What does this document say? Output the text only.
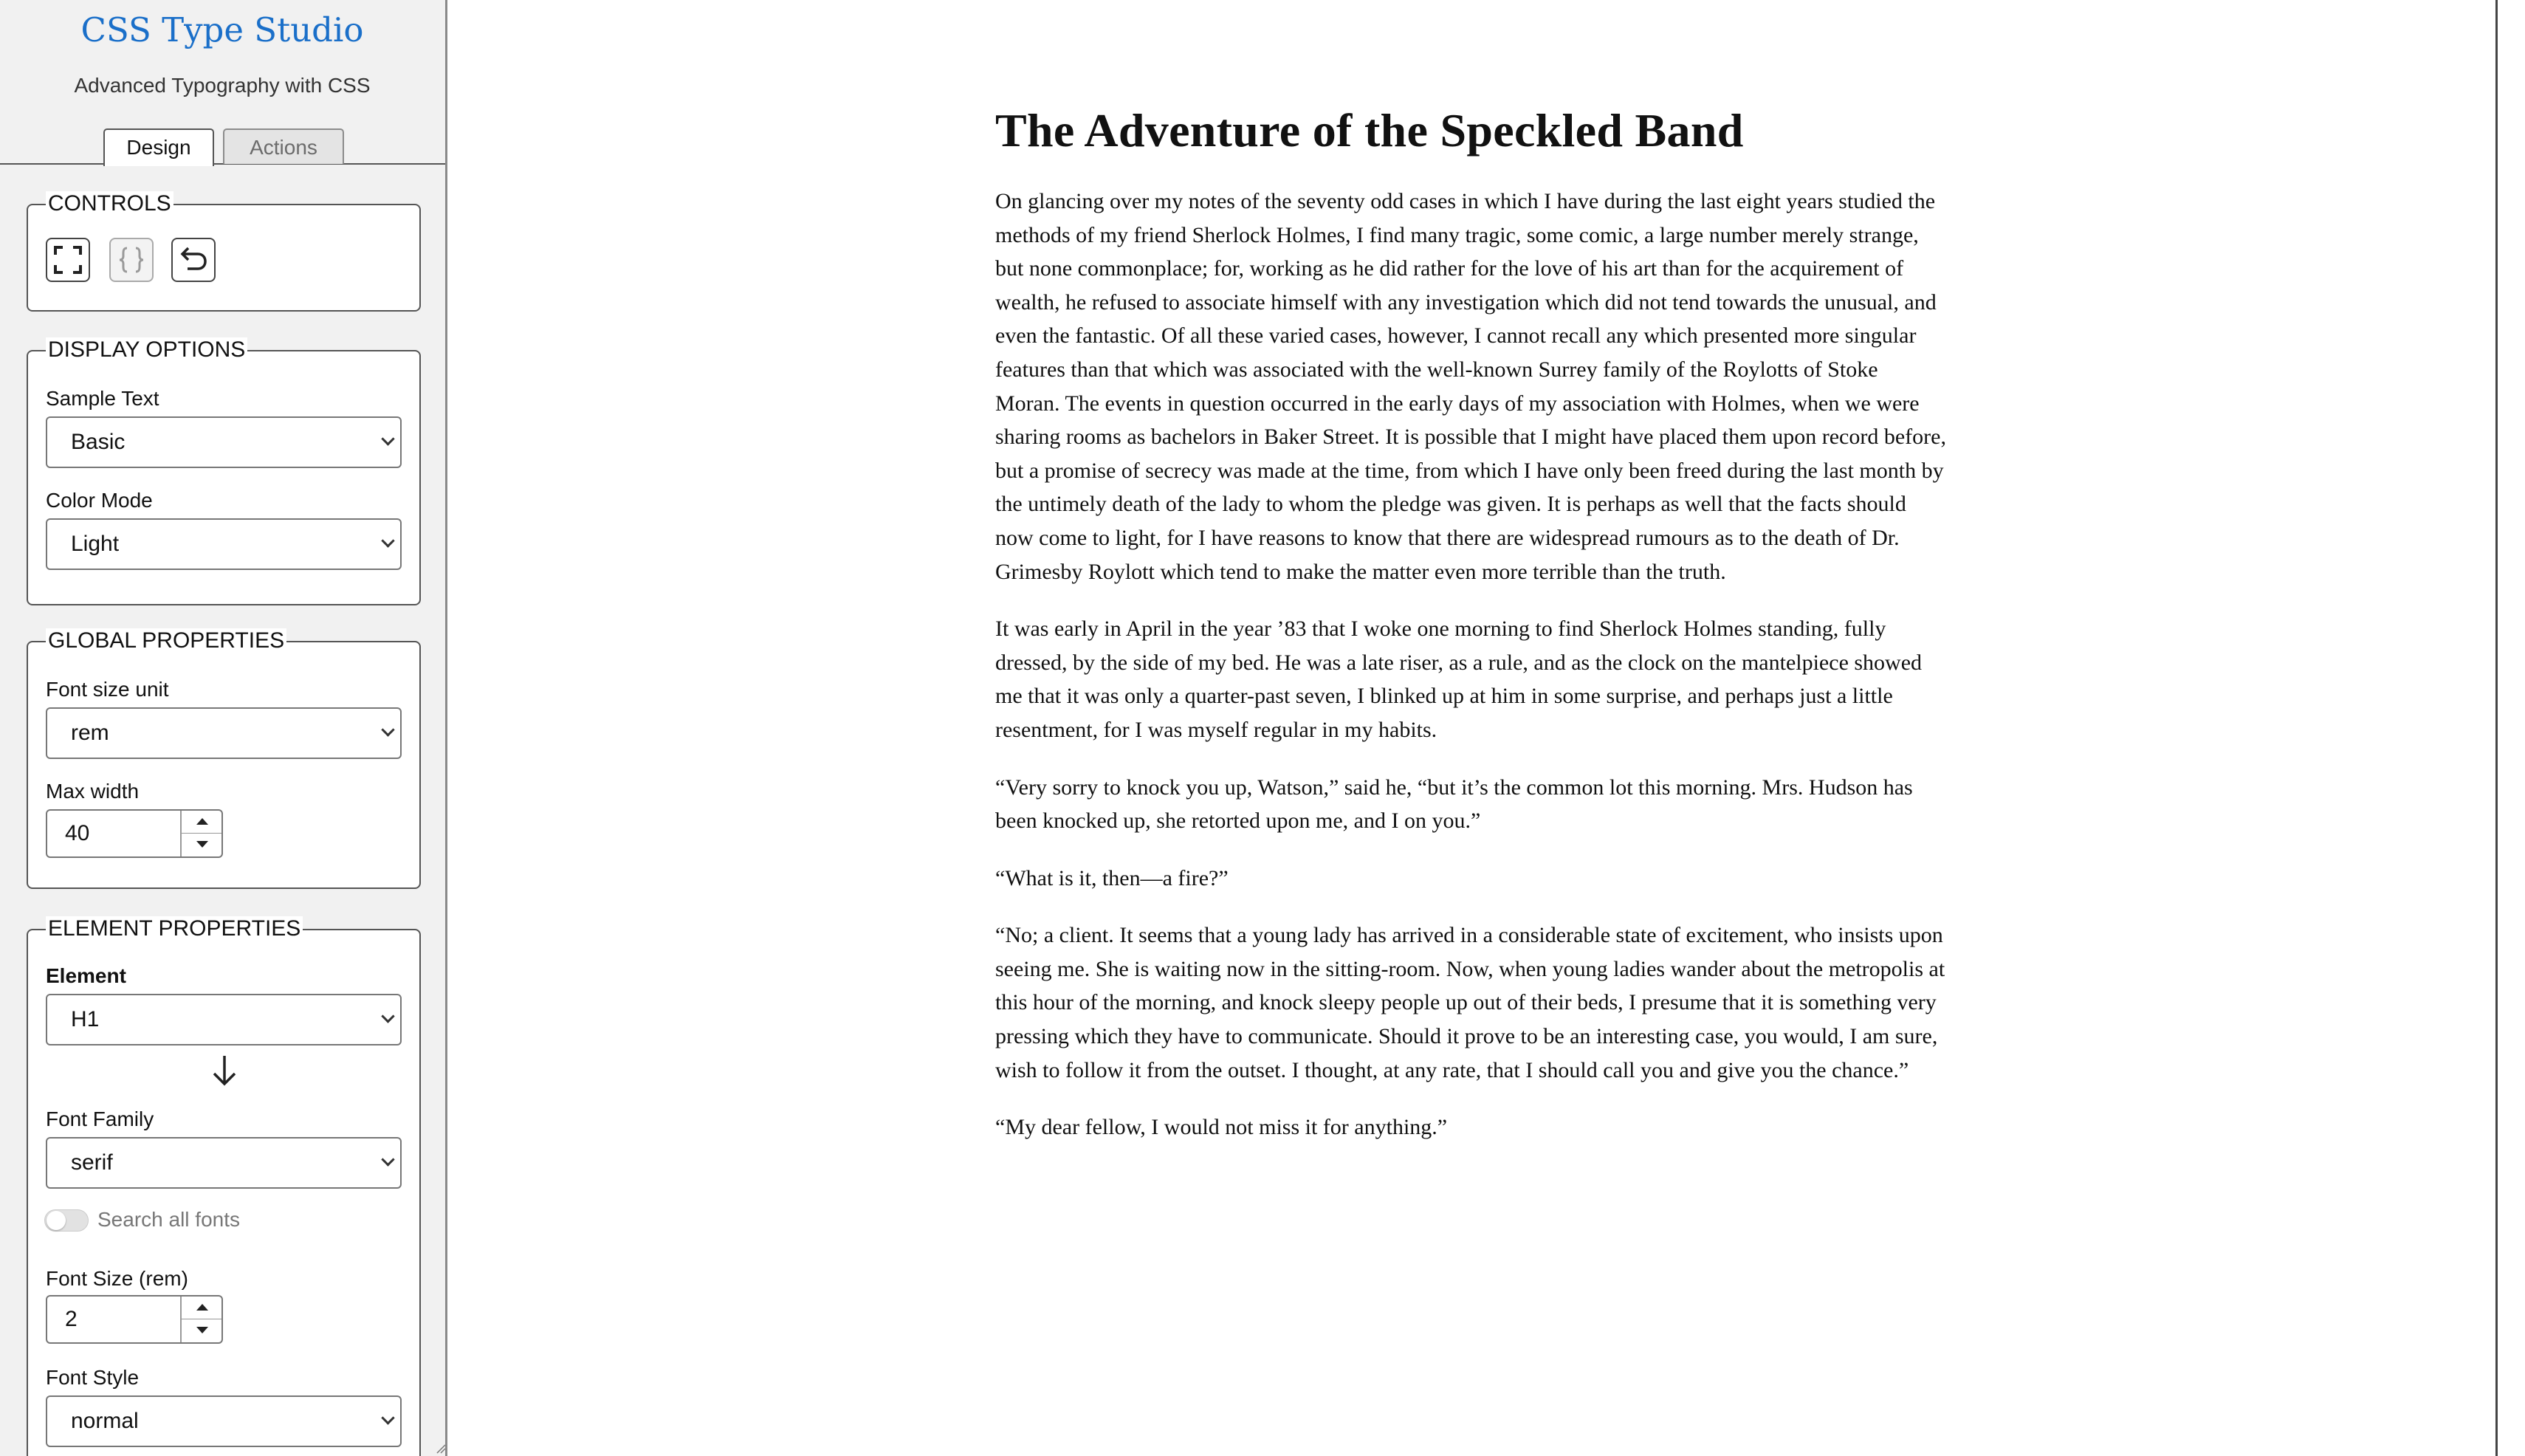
CSS Type Studio
Advanced Typography with CSS
Design	Actions
CONTROLS
DISPLAY OPTIONS
Sample Text
Basic
Color Mode
Light
GLOBAL PROPERTIES
Font size unit
rem
Max width
40
ELEMENT PROPERTIES
Element
H1
Font Family
serif
Font Size (rem)
2
Font Style
normal
Search all fonts
The Adventure of the Speckled Band

On glancing over my notes of the seventy odd cases in which I have during the last eight years studied the methods of my friend Sherlock Holmes, I find many tragic, some comic, a large number merely strange, but none commonplace; for, working as he did rather for the love of his art than for the acquirement of wealth, he refused to associate himself with any investigation which did not tend towards the unusual, and even the fantastic. Of all these varied cases, however, I cannot recall any which presented more singular features than that which was associated with the well-known Surrey family of the Roylotts of Stoke Moran. The events in question occurred in the early days of my association with Holmes, when we were sharing rooms as bachelors in Baker Street. It is possible that I might have placed them upon record before, but a promise of secrecy was made at the time, from which I have only been freed during the last month by the untimely death of the lady to whom the pledge was given. It is perhaps as well that the facts should now come to light, for I have reasons to know that there are widespread rumours as to the death of Dr. Grimesby Roylott which tend to make the matter even more terrible than the truth.

It was early in April in the year ’83 that I woke one morning to find Sherlock Holmes standing, fully dressed, by the side of my bed. He was a late riser, as a rule, and as the clock on the mantelpiece showed me that it was only a quarter-past seven, I blinked up at him in some surprise, and perhaps just a little resentment, for I was myself regular in my habits.

“Very sorry to knock you up, Watson,” said he, “but it’s the common lot this morning. Mrs. Hudson has been knocked up, she retorted upon me, and I on you.”

“What is it, then—a fire?”

“No; a client. It seems that a young lady has arrived in a considerable state of excitement, who insists upon seeing me. She is waiting now in the sitting-room. Now, when young ladies wander about the metropolis at this hour of the morning, and knock sleepy people up out of their beds, I presume that it is something very pressing which they have to communicate. Should it prove to be an interesting case, you would, I am sure, wish to follow it from the outset. I thought, at any rate, that I should call you and give you the chance.”

“My dear fellow, I would not miss it for anything.”
